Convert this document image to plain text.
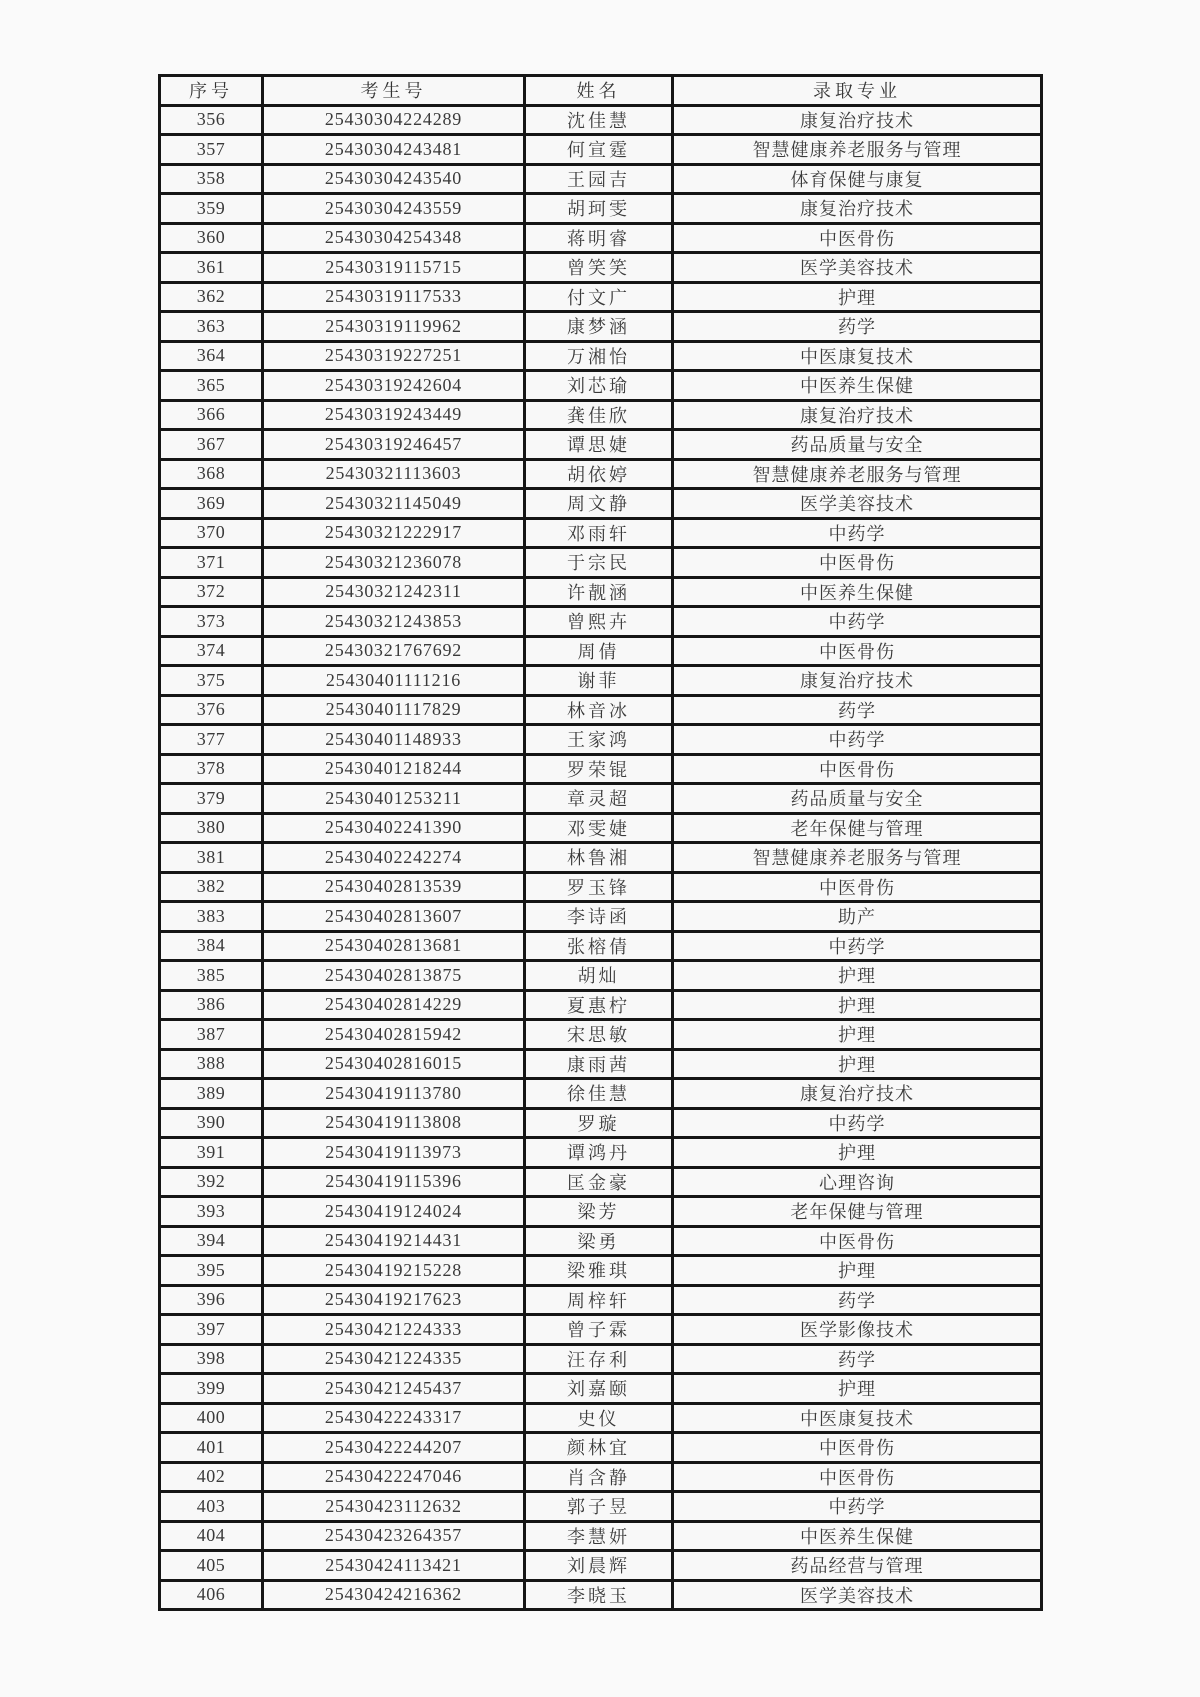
序号	考生号	姓名	录取专业
356	25430304224289	沈佳慧	康复治疗技术
357	25430304243481	何宣霆	智慧健康养老服务与管理
358	25430304243540	王园吉	体育保健与康复
359	25430304243559	胡珂雯	康复治疗技术
360	25430304254348	蒋明睿	中医骨伤
361	25430319115715	曾笑笑	医学美容技术
362	25430319117533	付文广	护理
363	25430319119962	康梦涵	药学
364	25430319227251	万湘怡	中医康复技术
365	25430319242604	刘芯瑜	中医养生保健
366	25430319243449	龚佳欣	康复治疗技术
367	25430319246457	谭思婕	药品质量与安全
368	25430321113603	胡依婷	智慧健康养老服务与管理
369	25430321145049	周文静	医学美容技术
370	25430321222917	邓雨轩	中药学
371	25430321236078	于宗民	中医骨伤
372	25430321242311	许靓涵	中医养生保健
373	25430321243853	曾熙卉	中药学
374	25430321767692	周倩	中医骨伤
375	25430401111216	谢菲	康复治疗技术
376	25430401117829	林音冰	药学
377	25430401148933	王家鸿	中药学
378	25430401218244	罗荣锟	中医骨伤
379	25430401253211	章灵超	药品质量与安全
380	25430402241390	邓雯婕	老年保健与管理
381	25430402242274	林鲁湘	智慧健康养老服务与管理
382	25430402813539	罗玉锋	中医骨伤
383	25430402813607	李诗函	助产
384	25430402813681	张榕倩	中药学
385	25430402813875	胡灿	护理
386	25430402814229	夏惠柠	护理
387	25430402815942	宋思敏	护理
388	25430402816015	康雨茜	护理
389	25430419113780	徐佳慧	康复治疗技术
390	25430419113808	罗璇	中药学
391	25430419113973	谭鸿丹	护理
392	25430419115396	匡金豪	心理咨询
393	25430419124024	梁芳	老年保健与管理
394	25430419214431	梁勇	中医骨伤
395	25430419215228	梁雅琪	护理
396	25430419217623	周梓轩	药学
397	25430421224333	曾子霖	医学影像技术
398	25430421224335	汪存利	药学
399	25430421245437	刘嘉颐	护理
400	25430422243317	史仪	中医康复技术
401	25430422244207	颜林宜	中医骨伤
402	25430422247046	肖含静	中医骨伤
403	25430423112632	郭子昱	中药学
404	25430423264357	李慧妍	中医养生保健
405	25430424113421	刘晨辉	药品经营与管理
406	25430424216362	李晓玉	医学美容技术
